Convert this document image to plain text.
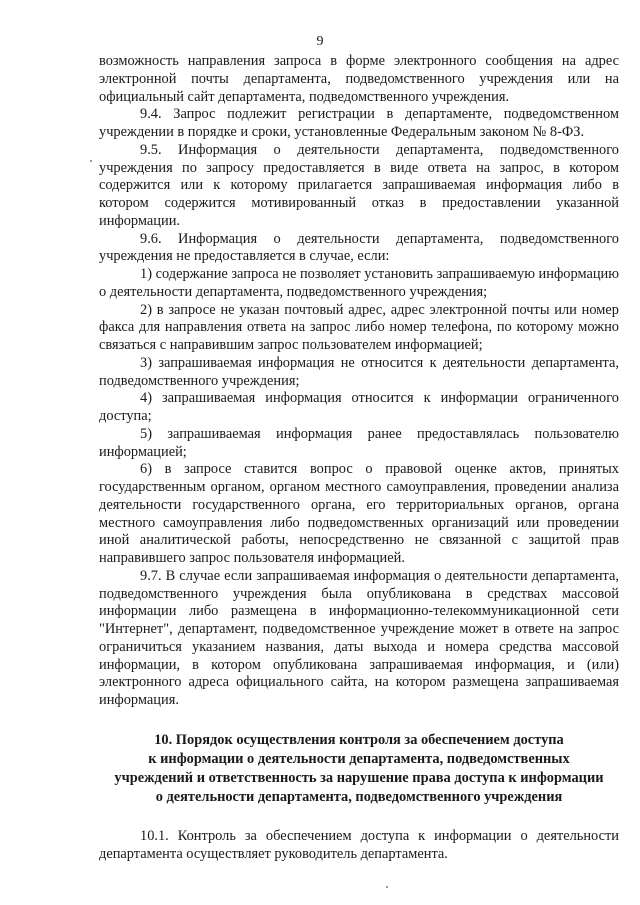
9

возможность направления запроса в форме электронного сообщения на адрес электронной почты департамента, подведомственного учреждения или на официальный сайт департамента, подведомственного учреждения.

9.4. Запрос подлежит регистрации в департаменте, подведомственном учреждении в порядке и сроки, установленные Федеральным законом № 8-ФЗ.

9.5. Информация о деятельности департамента, подведомственного учреждения по запросу предоставляется в виде ответа на запрос, в котором содержится или к которому прилагается запрашиваемая информация либо в котором содержится мотивированный отказ в предоставлении указанной информации.

9.6. Информация о деятельности департамента, подведомственного учреждения не предоставляется в случае, если:

1) содержание запроса не позволяет установить запрашиваемую информацию о деятельности департамента, подведомственного учреждения;

2) в запросе не указан почтовый адрес, адрес электронной почты или номер факса для направления ответа на запрос либо номер телефона, по которому можно связаться с направившим запрос пользователем информацией;

3) запрашиваемая информация не относится к деятельности департамента, подведомственного учреждения;

4) запрашиваемая информация относится к информации ограниченного доступа;

5) запрашиваемая информация ранее предоставлялась пользователю информацией;

6) в запросе ставится вопрос о правовой оценке актов, принятых государственным органом, органом местного самоуправления, проведении анализа деятельности государственного органа, его территориальных органов, органа местного самоуправления либо подведомственных организаций или проведении иной аналитической работы, непосредственно не связанной с защитой прав направившего запрос пользователя информацией.

9.7. В случае если запрашиваемая информация о деятельности департамента, подведомственного учреждения была опубликована в средствах массовой информации либо размещена в информационно-телекоммуникационной сети "Интернет", департамент, подведомственное учреждение может в ответе на запрос ограничиться указанием названия, даты выхода и номера средства массовой информации, в котором опубликована запрашиваемая информация, и (или) электронного адреса официального сайта, на котором размещена запрашиваемая информация.

10. Порядок осуществления контроля за обеспечением доступа
к информации о деятельности департамента, подведомственных
учреждений и ответственность за нарушение права доступа к информации
о деятельности департамента, подведомственного учреждения

10.1. Контроль за обеспечением доступа к информации о деятельности департамента осуществляет руководитель департамента.
